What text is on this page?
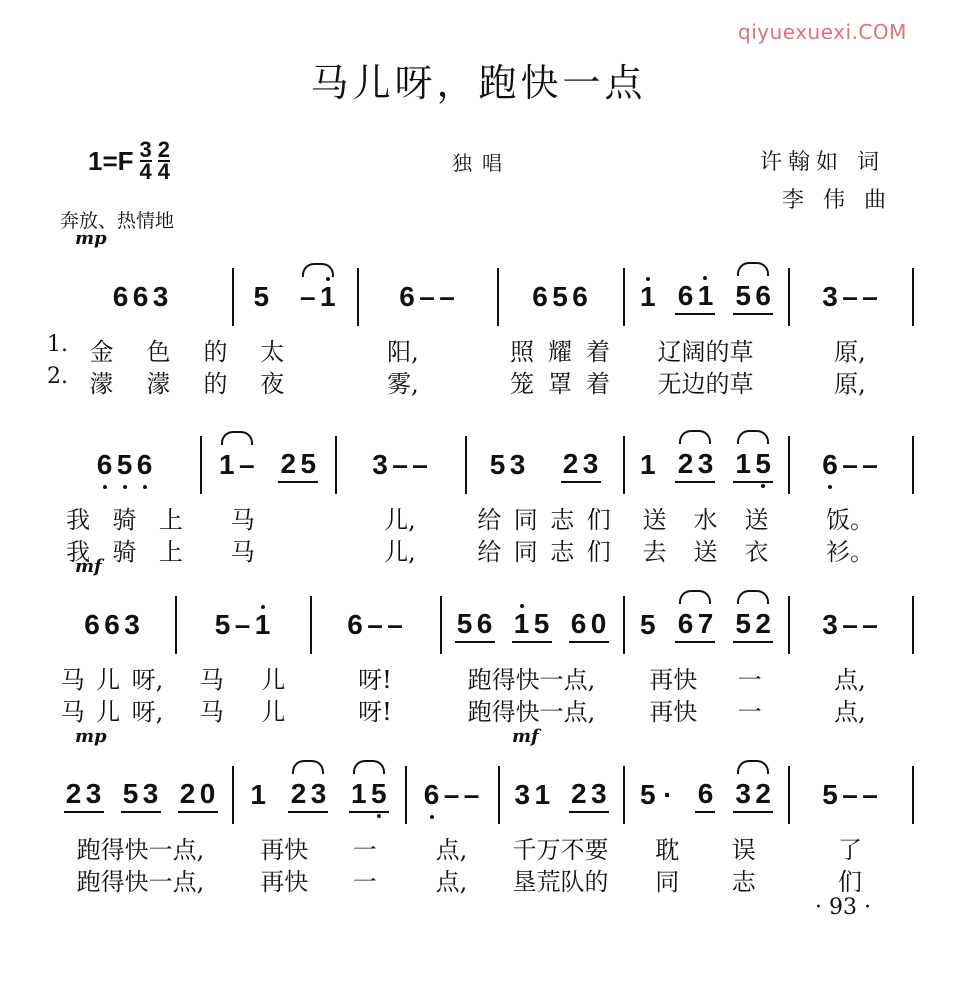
qiyuexuexi.COM
马儿呀，跑快一点
$1=F \frac{3}{4} \frac{2}{4}$	独唱	许翰如 词
李 伟 曲
奔放、热情地
6 6 3	5 – 1 6 – –	6 5 6 1 6 1 5 6 3 – –
金 色 的 太	阳,	照 耀 着 辽阔的草	原,
1.
濛 濛 的 夜	雾,	笼 罩 着 无边的草	原,
2.
mp
6 5 6 1 – 2 5 3 – – 5 3 2 3 1 2 3 1 5 6 – –
我 骑 上 马	儿,	给 同 志 们 送 水 送 饭。
我 骑 上 马	儿,	给 同 志 们 去 送 衣 衫。
6 6 3	5 – 1	6 – – 5 6 1 5 6 0 5 6 7 5 2 3 – –
马 儿 呀, 马 儿	呀!	跑得快一点, 再快 一	点,
马 儿 呀, 马 儿	呀!	跑得快一点, 再快 一	点,
mf
2 3 5 3 2 0 1 2 3 1 5 6 – – 3 1 2 3 5 · 6 3 2 5 – –
跑得快一点, 再快 一 点, 千万不要 耽 误	了
跑得快一点, 再快 一 点, 垦荒队的 同 志	们
mp	mf
· 93 ·
